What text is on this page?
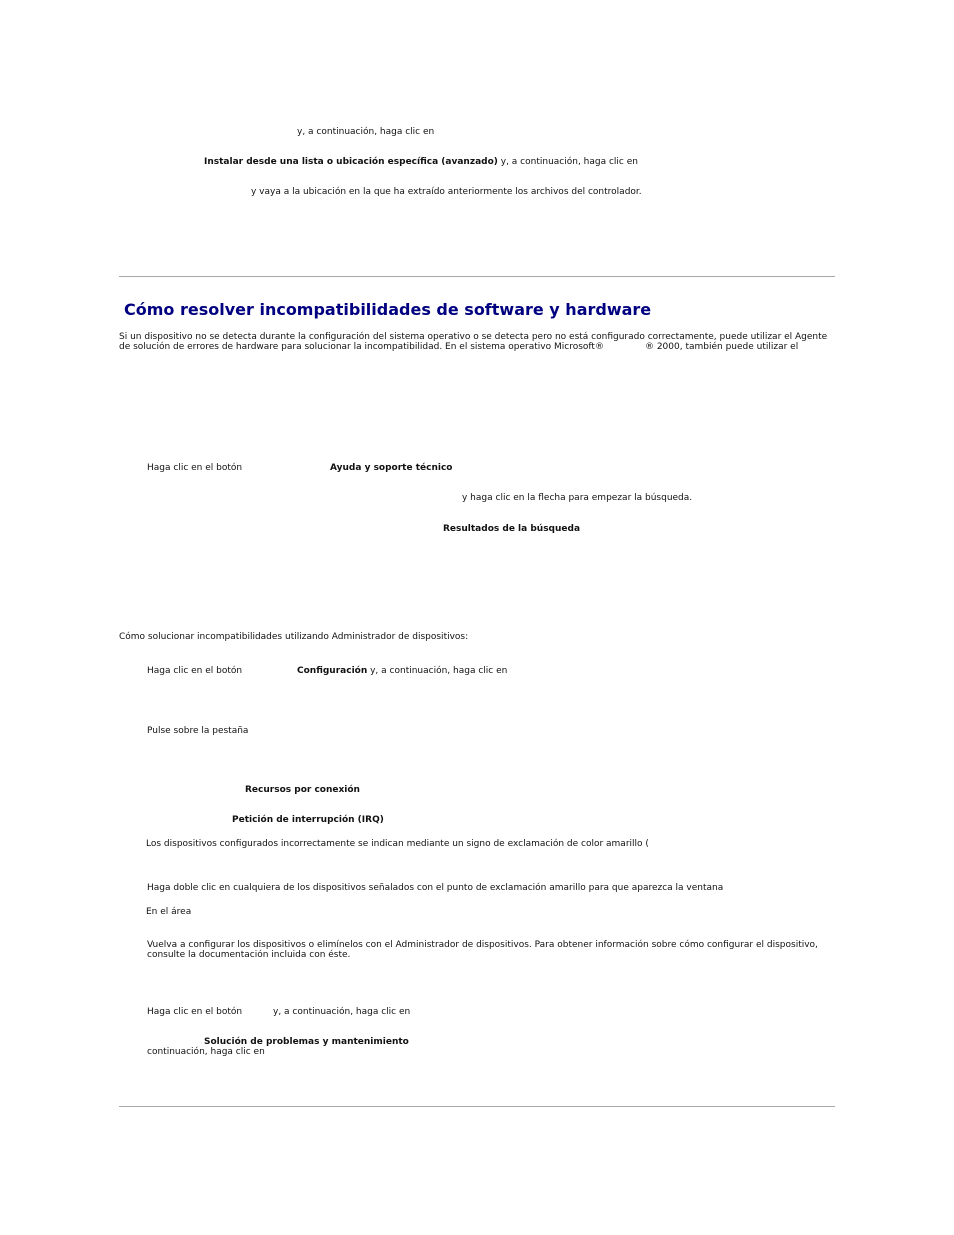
y, a continuación, haga clic en
Instalar desde una lista o ubicación específica (avanzado) y, a continuación, haga clic en
y vaya a la ubicación en la que ha extraído anteriormente los archivos del controlador.
Cómo resolver incompatibilidades de software y hardware
Si un dispositivo no se detecta durante la configuración del sistema operativo o se detecta pero no está configurado correctamente, puede utilizar el Agente
de solución de errores de hardware para solucionar la incompatibilidad. En el sistema operativo Microsoft®	® 2000, también puede utilizar el
Haga clic en el botón	Ayuda y soporte técnico
y haga clic en la flecha para empezar la búsqueda.
Resultados de la búsqueda
Cómo solucionar incompatibilidades utilizando Administrador de dispositivos:
Haga clic en el botón	Configuración y, a continuación, haga clic en
Pulse sobre la pestaña
Recursos por conexión
Petición de interrupción (IRQ)
Los dispositivos configurados incorrectamente se indican mediante un signo de exclamación de color amarillo (
Haga doble clic en cualquiera de los dispositivos señalados con el punto de exclamación amarillo para que aparezca la ventana
En el área
Vuelva a configurar los dispositivos o elimínelos con el Administrador de dispositivos. Para obtener información sobre cómo configurar el dispositivo,
consulte la documentación incluida con éste.
Haga clic en el botón	y, a continuación, haga clic en
Solución de problemas y mantenimiento
continuación, haga clic en
